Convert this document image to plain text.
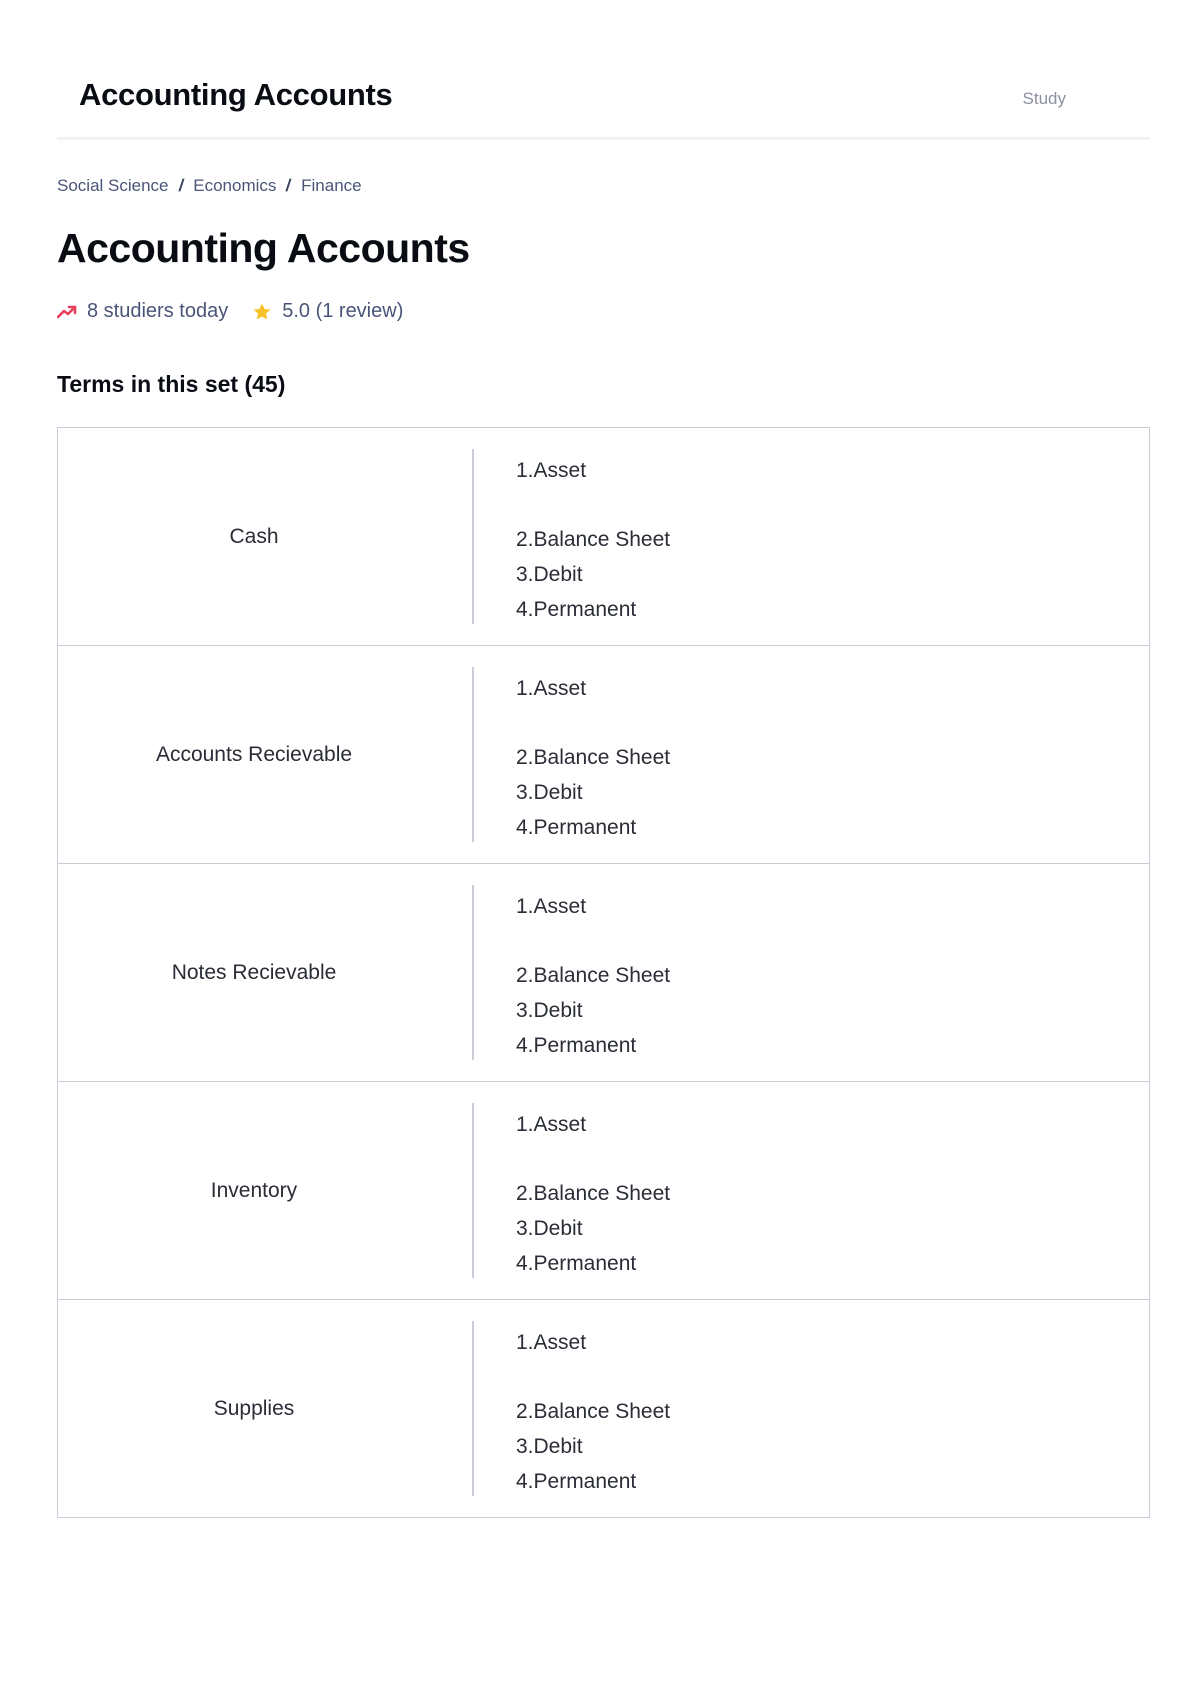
Accounting Accounts	Study
Social Science / Economics / Finance
Accounting Accounts
8 studiers today	5.0 (1 review)
Terms in this set (45)
Cash
1.Asset
2.Balance Sheet
3.Debit
4.Permanent
Accounts Recievable
1.Asset
2.Balance Sheet
3.Debit
4.Permanent
Notes Recievable
1.Asset
2.Balance Sheet
3.Debit
4.Permanent
Inventory
1.Asset
2.Balance Sheet
3.Debit
4.Permanent
Supplies
1.Asset
2.Balance Sheet
3.Debit
4.Permanent
